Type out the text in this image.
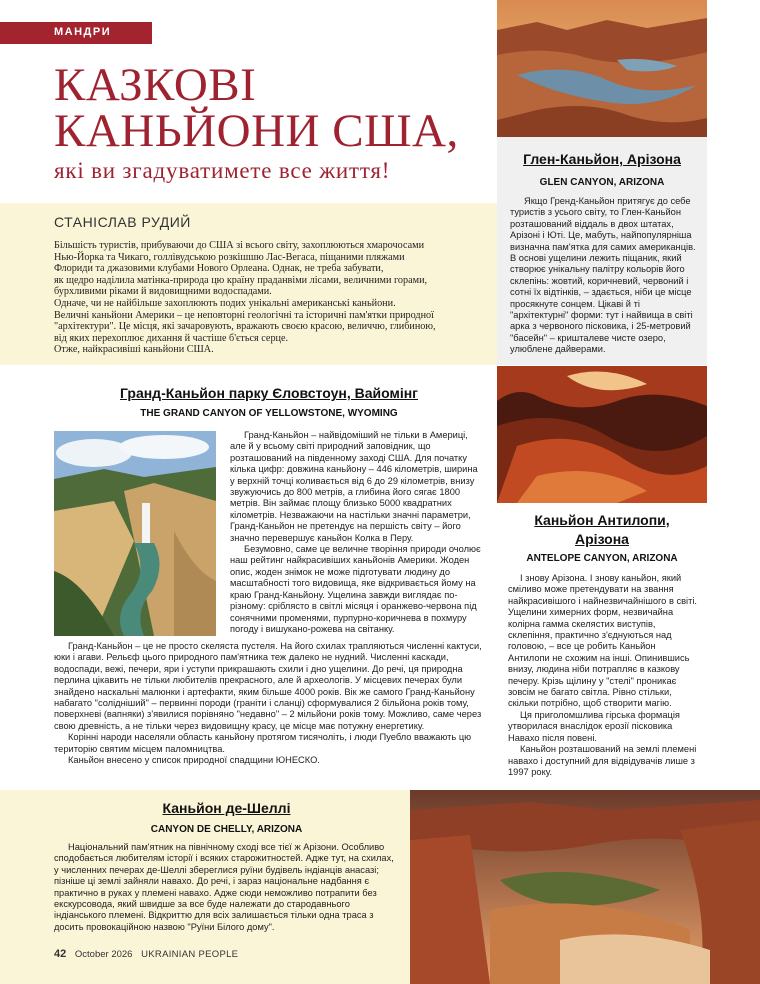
МАНДРИ
КАЗКОВІ
КАНЬЙОНИ США,
які ви згадуватимете все життя!
СТАНІСЛАВ РУДИЙ

Більшість туристів, прибуваючи до США зі всього світу, захоплюються хмарочосами

Нью-Йорка та Чикаго, голлівудською розкішшю Лас-Вегаса, піщаними пляжами

Флориди та джазовими клубами Нового Орлеана. Однак, не треба забувати,

як щедро наділила матінка-природа цю країну праданвіми лісами, величними горами,

бурхливими ріками й видовищними водоспадами.

Одначе, чи не найбільше захоплюють подих унікальні американські каньйони.

Величні каньйони Америки – це неповторні геологічні та історичні пам'ятки природної

"архітектури". Це місця, які зачаровують, вражають своєю красою, величчю, глибиною,

від яких перехоплює дихання й частіше б'ється серце.

Отже, найкрасивіші каньйони США.

Глен-Каньйон, Арізона
GLEN CANYON, ARIZONA
Якщо Гренд-Каньйон притягує до себе туристів з усього світу, то Глен-Каньйон розташований віддаль в двох штатах, Арізоні і Юті. Це, мабуть, найпопулярніша визначна пам'ятка для самих американців. В основі ущелини лежить піщаник, який створює унікальну палітру кольорів його склепінь: жовтий, коричневий, червоний і сотні їх відтінків, – здається, ніби це місце просякнуте сонцем. Цікаві й ті "архітектурні" форми: тут і найвища в світі арка з червоного пісковика, і 25-метровий "басейн" – кришталеве чисте озеро, улюблене дайверами.
Гранд-Каньйон парку Єловстоун, Вайомінг
THE GRAND CANYON OF YELLOWSTONE, WYOMING

Гранд-Каньйон – найвідоміший не тільки в Америці, але й у всьому світі природний заповідник, що розташований на південному заході США. Для початку кілька цифр: довжина каньйону – 446 кілометрів, ширина у верхній точці коливається від 6 до 29 кілометрів, внизу звужуючись до 800 метрів, а глибина його сягає 1800 метрів. Він займає площу близько 5000 квадратних кілометрів. Незважаючи на настільки значні параметри, Гранд-Каньйон не претендує на першість світу – його значно перевершує каньйон Колка в Перу.

Безумовно, саме це величне творіння природи очолює наш рейтинг найкрасивіших каньйонів Америки. Жоден опис, жоден знімок не може підготувати людину до масштабності того видовища, яке відкривається йому на краю Гранд-Каньйону. Ущелина завжди виглядає по-різному: сріблясто в світлі місяця і оранжево-червона під сонячними променями, пурпурно-коричнева в похмуру погоду і вишукано-рожева на світанку.

Гранд-Каньйон – це не просто скеляста пустеля. На його схилах трапляються численні кактуси, юки і агави. Рельєф цього природного пам'ятника теж далеко не нудний. Численні каскади, водоспади, вежі, печери, яри і уступи прикрашають схили і дно ущелини. До речі, ця природна перлина цікавить не тільки любителів прекрасного, але й археологів. У місцевих печерах були знайдено наскальні малюнки і артефакти, яким більше 4000 років. Вік же самого Гранд-Каньйону набагато "солідніший" – первинні породи (граніти і сланці) сформувалися 2 більйона років тому, поверхневі (вапняки) з'явилися порівняно "недавно" – 2 мільйони років тому. Можливо, саме через свою древність, а не тільки через видовищну красу, це місце має потужну енергетику.

Корінні народи населяли область каньйону протягом тисячоліть, і люди Пуебло вважають цю територію святим місцем паломництва.

Каньйон внесено у список природної спадщини ЮНЕСКО.

Каньйон Антилопи,
Арізона
ANTELOPE CANYON, ARIZONA

І знову Арізона. І знову каньйон, який сміливо може претендувати на звання найкрасивішого і найнезвичайнішого в світі. Ущелини химерних форм, незвичайна колірна гамма скелястих виступів, склепіння, практично з'єднуються над головою, – все це робить Каньйон Антилопи не схожим на інші. Опинившись внизу, людина ніби потрапляє в казкову печеру. Крізь щілину у "стелі" проникає зовсім не багато світла. Рівно стільки, скільки потрібно, щоб створити магію.

Ця приголомшлива гірська формація утворилася внаслідок ерозії пісковика Навахо після повені.

Каньйон розташований на землі племені навахо і доступний для відвідувачів лише з 1997 року.

Каньйон де-Шеллі
CANYON DE CHELLY, ARIZONA
Національний пам'ятник на північному сході все тієї ж Арізони. Особливо сподобається любителям історії і всяких старожитностей. Адже тут, на схилах, у численних печерах де-Шеллі збереглися руїни будівель індіанців анасазі; пізніше ці землі зайняли навахо. До речі, і зараз національне надбання є практично в руках у племені навахо. Адже сюди неможливо потрапити без екскурсовода, який швидше за все буде належати до стародавнього індіанського племені. Відкриттю для всіх залишається тільки одна траса з досить провокаційною назвою "Руїни Білого дому".
42 October 2026 UKRAINIAN PEOPLE
